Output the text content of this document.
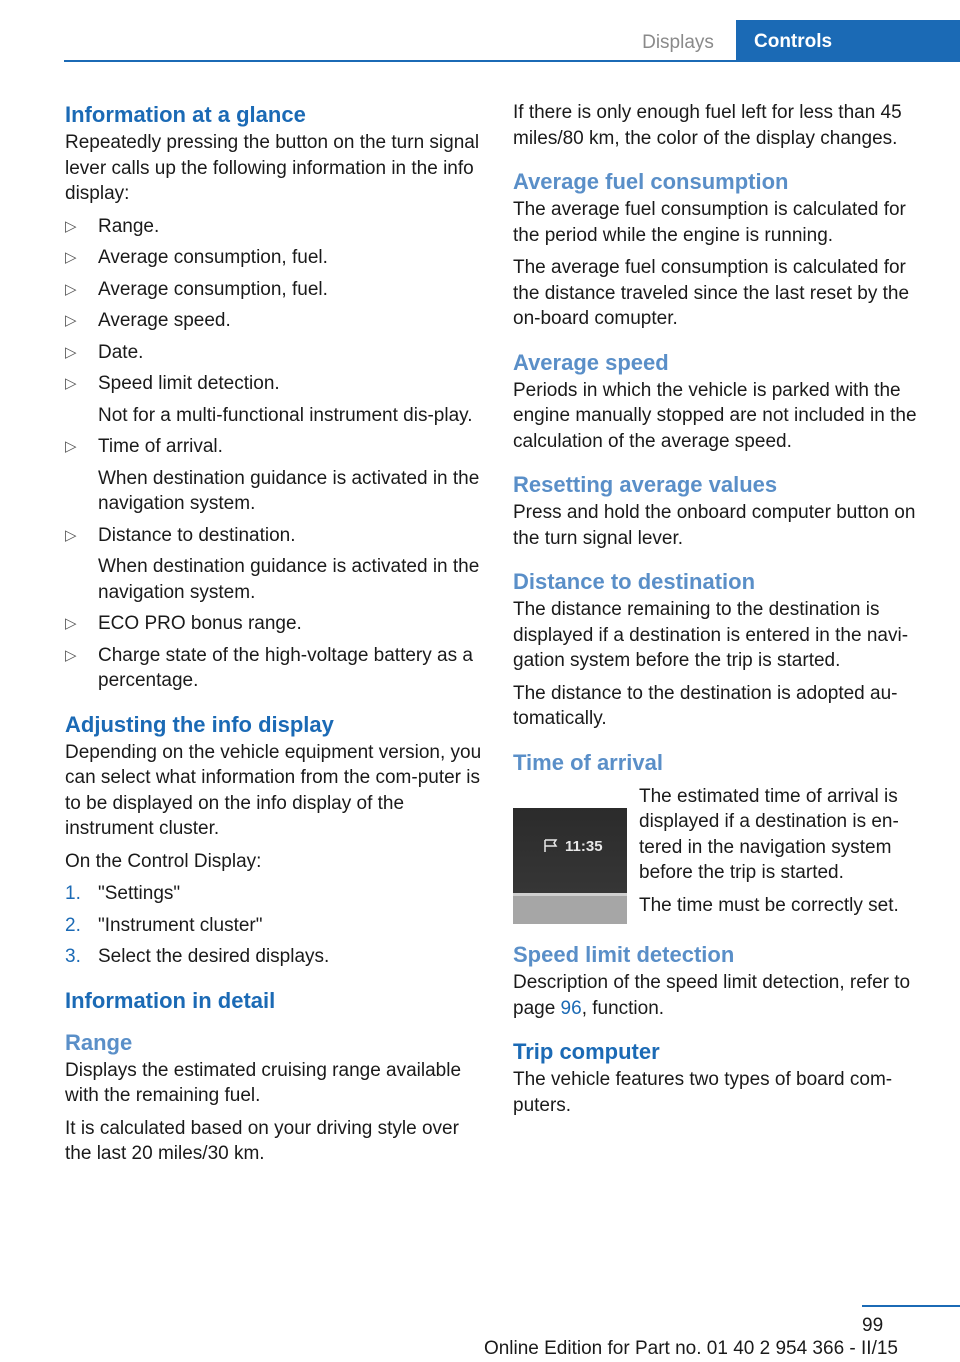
Displays	Controls
Information at a glance

Repeatedly pressing the button on the turn signal lever calls up the following information in the info display:

▷ Range.
▷ Average consumption, fuel.
▷ Average consumption, fuel.
▷ Average speed.
▷ Date.
▷ Speed limit detection.
Not for a multi-functional instrument dis-play.
▷ Time of arrival.
When destination guidance is activated in the navigation system.
▷ Distance to destination.
When destination guidance is activated in the navigation system.
▷ ECO PRO bonus range.
▷ Charge state of the high-voltage battery as a percentage.
Adjusting the info display

Depending on the vehicle equipment version, you can select what information from the com-puter is to be displayed on the info display of the instrument cluster.

On the Control Display:

1. "Settings"
2. "Instrument cluster"
3. Select the desired displays.
Information in detail
Range

Displays the estimated cruising range available with the remaining fuel.

It is calculated based on your driving style over the last 20 miles/30 km.

If there is only enough fuel left for less than 45 miles/80 km, the color of the display changes.

Average fuel consumption

The average fuel consumption is calculated for the period while the engine is running.

The average fuel consumption is calculated for the distance traveled since the last reset by the on-board comupter.

Average speed

Periods in which the vehicle is parked with the engine manually stopped are not included in the calculation of the average speed.

Resetting average values

Press and hold the onboard computer button on the turn signal lever.

Distance to destination

The distance remaining to the destination is displayed if a destination is entered in the navi-gation system before the trip is started.

The distance to the destination is adopted au-tomatically.

Time of arrival
11:35

The estimated time of arrival is displayed if a destination is en-tered in the navigation system before the trip is started.

The time must be correctly set.

Speed limit detection

Description of the speed limit detection, refer to page 96, function.

Trip computer

The vehicle features two types of board com-puters.

99
Online Edition for Part no. 01 40 2 954 366 - II/15
